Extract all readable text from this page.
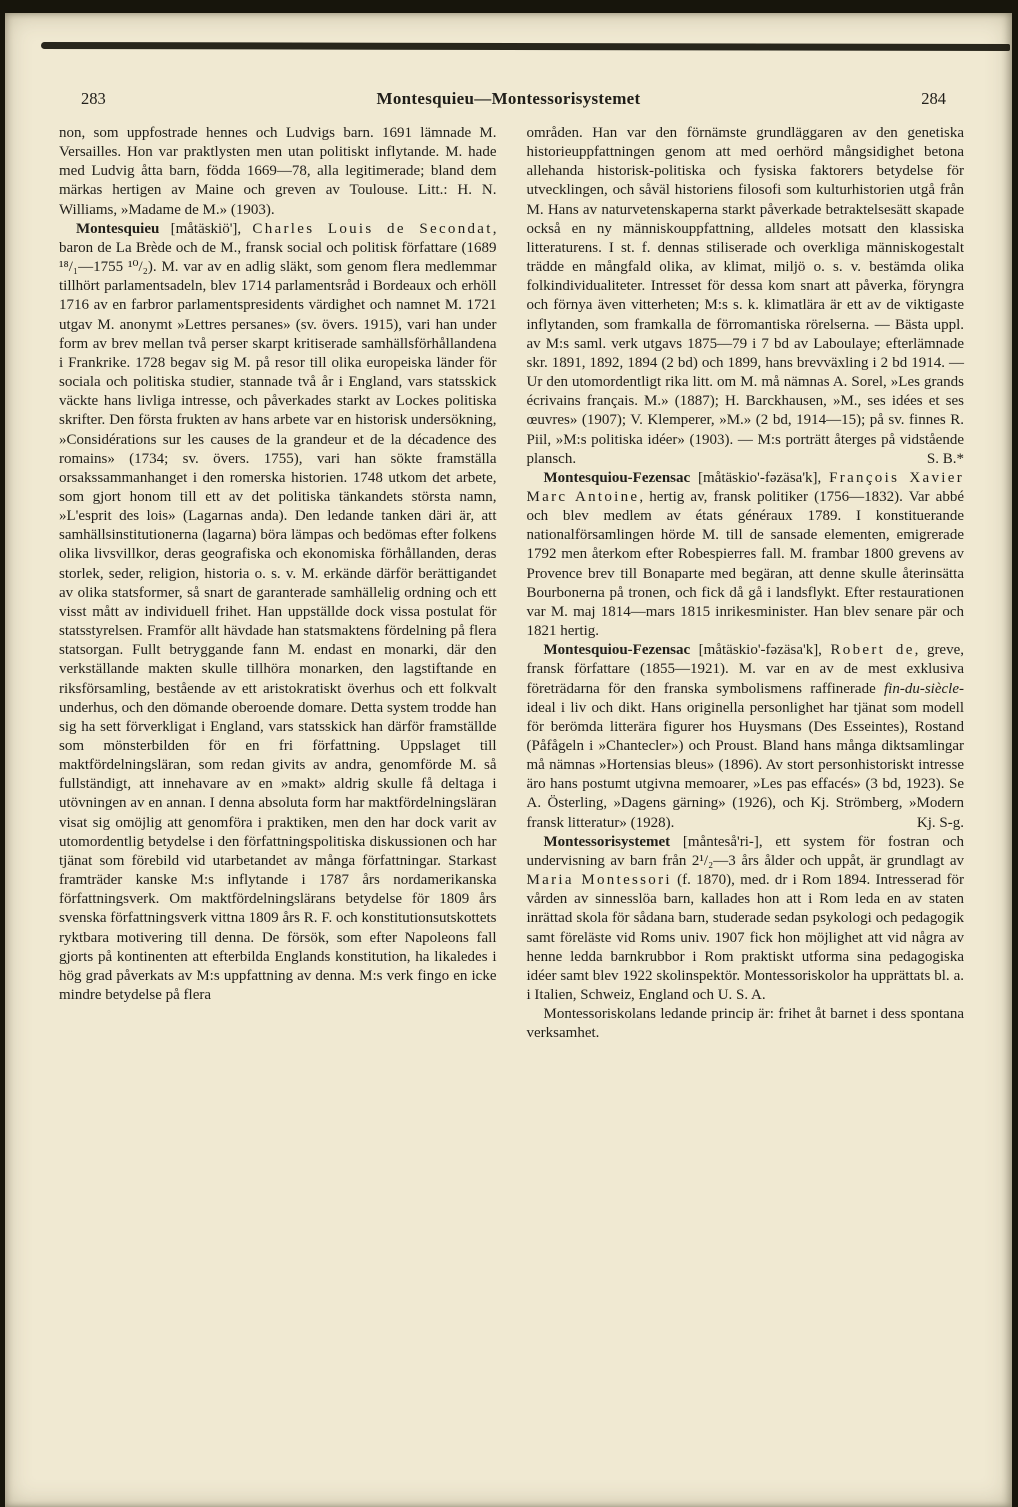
283	Montesquieu—Montessorisystemet	284

non, som uppfostrade hennes och Ludvigs barn. 1691 lämnade M. Versailles. Hon var praktlysten men utan politiskt inflytande. M. hade med Ludvig åtta barn, födda 1669—78, alla legitimerade; bland dem märkas hertigen av Maine och greven av Toulouse. Litt.: H. N. Williams, »Madame de M.» (1903).

Montesquieu [måtäskiö'], Charles Louis de Secondat, baron de La Brède och de M., fransk social och politisk författare (1689 ¹⁸/₁—1755 ¹⁰/₂). M. var av en adlig släkt, som genom flera medlemmar tillhört parlamentsadeln, blev 1714 parlamentsråd i Bordeaux och erhöll 1716 av en farbror parlamentspresidents värdighet och namnet M. 1721 utgav M. anonymt »Lettres persanes» (sv. övers. 1915), vari han under form av brev mellan två perser skarpt kritiserade samhällsförhållandena i Frankrike. 1728 begav sig M. på resor till olika europeiska länder för sociala och politiska studier, stannade två år i England, vars statsskick väckte hans livliga intresse, och påverkades starkt av Lockes politiska skrifter. Den första frukten av hans arbete var en historisk undersökning, »Considérations sur les causes de la grandeur et de la décadence des romains» (1734; sv. övers. 1755), vari han sökte framställa orsakssammanhanget i den romerska historien. 1748 utkom det arbete, som gjort honom till ett av det politiska tänkandets största namn, »L'esprit des lois» (Lagarnas anda). Den ledande tanken däri är, att samhällsinstitutionerna (lagarna) böra lämpas och bedömas efter folkens olika livsvillkor, deras geografiska och ekonomiska förhållanden, deras storlek, seder, religion, historia o. s. v. M. erkände därför berättigandet av olika statsformer, så snart de garanterade samhällelig ordning och ett visst mått av individuell frihet. Han uppställde dock vissa postulat för statsstyrelsen. Framför allt hävdade han statsmaktens fördelning på flera statsorgan. Fullt betryggande fann M. endast en monarki, där den verkställande makten skulle tillhöra monarken, den lagstiftande en riksförsamling, bestående av ett aristokratiskt överhus och ett folkvalt underhus, och den dömande oberoende domare. Detta system trodde han sig ha sett förverkligat i England, vars statsskick han därför framställde som mönsterbilden för en fri författning. Uppslaget till maktfördelningsläran, som redan givits av andra, genomförde M. så fullständigt, att innehavare av en »makt» aldrig skulle få deltaga i utövningen av en annan. I denna absoluta form har maktfördelningsläran visat sig omöjlig att genomföra i praktiken, men den har dock varit av utomordentlig betydelse i den författningspolitiska diskussionen och har tjänat som förebild vid utarbetandet av många författningar. Starkast framträder kanske M:s inflytande i 1787 års nordamerikanska författningsverk. Om maktfördelningslärans betydelse för 1809 års svenska författningsverk vittna 1809 års R. F. och konstitutionsutskottets ryktbara motivering till denna. De försök, som efter Napoleons fall gjorts på kontinenten att efterbilda Englands konstitution, ha likaledes i hög grad påverkats av M:s uppfattning av denna. M:s verk fingo en icke mindre betydelse på flera

områden. Han var den förnämste grundläggaren av den genetiska historieuppfattningen genom att med oerhörd mångsidighet betona allehanda historisk-politiska och fysiska faktorers betydelse för utvecklingen, och såväl historiens filosofi som kulturhistorien utgå från M. Hans av naturvetenskaperna starkt påverkade betraktelsesätt skapade också en ny människouppfattning, alldeles motsatt den klassiska litteraturens. I st. f. dennas stiliserade och overkliga människogestalt trädde en mångfald olika, av klimat, miljö o. s. v. bestämda olika folkindividualiteter. Intresset för dessa kom snart att påverka, föryngra och förnya även vitterheten; M:s s. k. klimatlära är ett av de viktigaste inflytanden, som framkalla de förromantiska rörelserna. — Bästa uppl. av M:s saml. verk utgavs 1875—79 i 7 bd av Laboulaye; efterlämnade skr. 1891, 1892, 1894 (2 bd) och 1899, hans brevväxling i 2 bd 1914. — Ur den utomordentligt rika litt. om M. må nämnas A. Sorel, »Les grands écrivains français. M.» (1887); H. Barckhausen, »M., ses idées et ses œuvres» (1907); V. Klemperer, »M.» (2 bd, 1914—15); på sv. finnes R. Piil, »M:s politiska idéer» (1903). — M:s porträtt återges på vidstående plansch.	S. B.*

Montesquiou-Fezensac [måtäskio'-fəzäsa'k], François Xavier Marc Antoine, hertig av, fransk politiker (1756—1832). Var abbé och blev medlem av états généraux 1789. I konstituerande nationalförsamlingen hörde M. till de sansade elementen, emigrerade 1792 men återkom efter Robespierres fall. M. frambar 1800 grevens av Provence brev till Bonaparte med begäran, att denne skulle återinsätta Bourbonerna på tronen, och fick då gå i landsflykt. Efter restaurationen var M. maj 1814—mars 1815 inrikesminister. Han blev senare pär och 1821 hertig.

Montesquiou-Fezensac [måtäskio'-fəzäsa'k], Robert de, greve, fransk författare (1855—1921). M. var en av de mest exklusiva företrädarna för den franska symbolismens raffinerade fin-du-siècle-ideal i liv och dikt. Hans originella personlighet har tjänat som modell för berömda litterära figurer hos Huysmans (Des Esseintes), Rostand (Påfågeln i »Chantecler») och Proust. Bland hans många diktsamlingar må nämnas »Hortensias bleus» (1896). Av stort personhistoriskt intresse äro hans postumt utgivna memoarer, »Les pas effacés» (3 bd, 1923). Se A. Österling, »Dagens gärning» (1926), och Kj. Strömberg, »Modern fransk litteratur» (1928).	Kj. S-g.

Montessorisystemet [månteså'ri-], ett system för fostran och undervisning av barn från 2¹/₂—3 års ålder och uppåt, är grundlagt av Maria Montessori (f. 1870), med. dr i Rom 1894. Intresserad för vården av sinnesslöa barn, kallades hon att i Rom leda en av staten inrättad skola för sådana barn, studerade sedan psykologi och pedagogik samt föreläste vid Roms univ. 1907 fick hon möjlighet att vid några av henne ledda barnkrubbor i Rom praktiskt utforma sina pedagogiska idéer samt blev 1922 skolinspektör. Montessoriskolor ha upprättats bl. a. i Italien, Schweiz, England och U. S. A.

Montessoriskolans ledande princip är: frihet åt barnet i dess spontana verksamhet.
